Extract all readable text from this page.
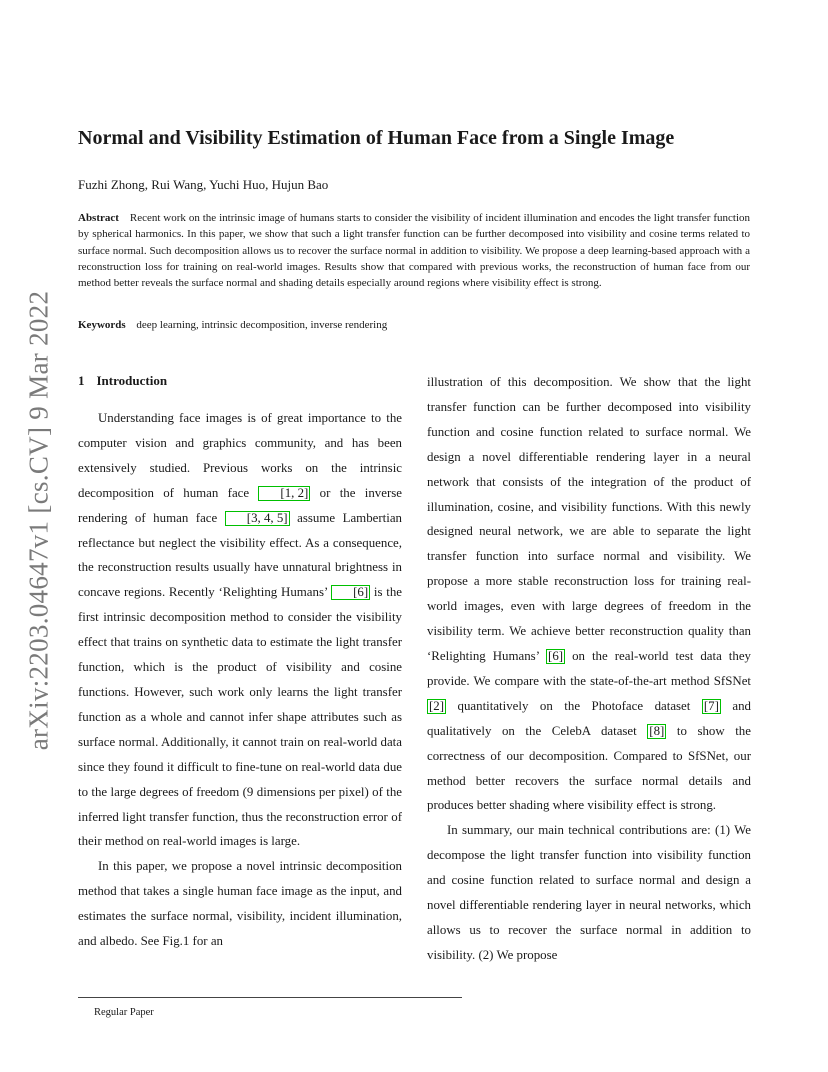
arXiv:2203.04647v1 [cs.CV] 9 Mar 2022
Normal and Visibility Estimation of Human Face from a Single Image
Fuzhi Zhong, Rui Wang, Yuchi Huo, Hujun Bao

Abstract Recent work on the intrinsic image of humans starts to consider the visibility of incident illumination and encodes the light transfer function by spherical harmonics. In this paper, we show that such a light transfer function can be further decomposed into visibility and cosine terms related to surface normal. Such decomposition allows us to recover the surface normal in addition to visibility. We propose a deep learning-based approach with a reconstruction loss for training on real-world images. Results show that compared with previous works, the reconstruction of human face from our method better reveals the surface normal and shading details especially around regions where visibility effect is strong.

Keywords deep learning, intrinsic decomposition, inverse rendering
1 Introduction

Understanding face images is of great importance to the computer vision and graphics community, and has been extensively studied. Previous works on the intrinsic decomposition of human face [1, 2] or the inverse rendering of human face [3, 4, 5] assume Lambertian reflectance but neglect the visibility effect. As a consequence, the reconstruction results usually have unnatural brightness in concave regions. Recently ‘Relighting Humans’ [6] is the first intrinsic decomposition method to consider the visibility effect that trains on synthetic data to estimate the light transfer function, which is the product of visibility and cosine functions. However, such work only learns the light transfer function as a whole and cannot infer shape attributes such as surface normal. Additionally, it cannot train on real-world data since they found it difficult to fine-tune on real-world data due to the large degrees of freedom (9 dimensions per pixel) of the inferred light transfer function, thus the reconstruction error of their method on real-world images is large.

In this paper, we propose a novel intrinsic decomposition method that takes a single human face image as the input, and estimates the surface normal, visibility, incident illumination, and albedo. See Fig.1 for an

illustration of this decomposition. We show that the light transfer function can be further decomposed into visibility function and cosine function related to surface normal. We design a novel differentiable rendering layer in a neural network that consists of the integration of the product of illumination, cosine, and visibility functions. With this newly designed neural network, we are able to separate the light transfer function into surface normal and visibility. We propose a more stable reconstruction loss for training real-world images, even with large degrees of freedom in the visibility term. We achieve better reconstruction quality than ‘Relighting Humans’ [6] on the real-world test data they provide. We compare with the state-of-the-art method SfSNet [2] quantitatively on the Photoface dataset [7] and qualitatively on the CelebA dataset [8] to show the correctness of our decomposition. Compared to SfSNet, our method better recovers the surface normal details and produces better shading where visibility effect is strong.

In summary, our main technical contributions are: (1) We decompose the light transfer function into visibility function and cosine function related to surface normal and design a novel differentiable rendering layer in neural networks, which allows us to recover the surface normal in addition to visibility. (2) We propose

Regular Paper
